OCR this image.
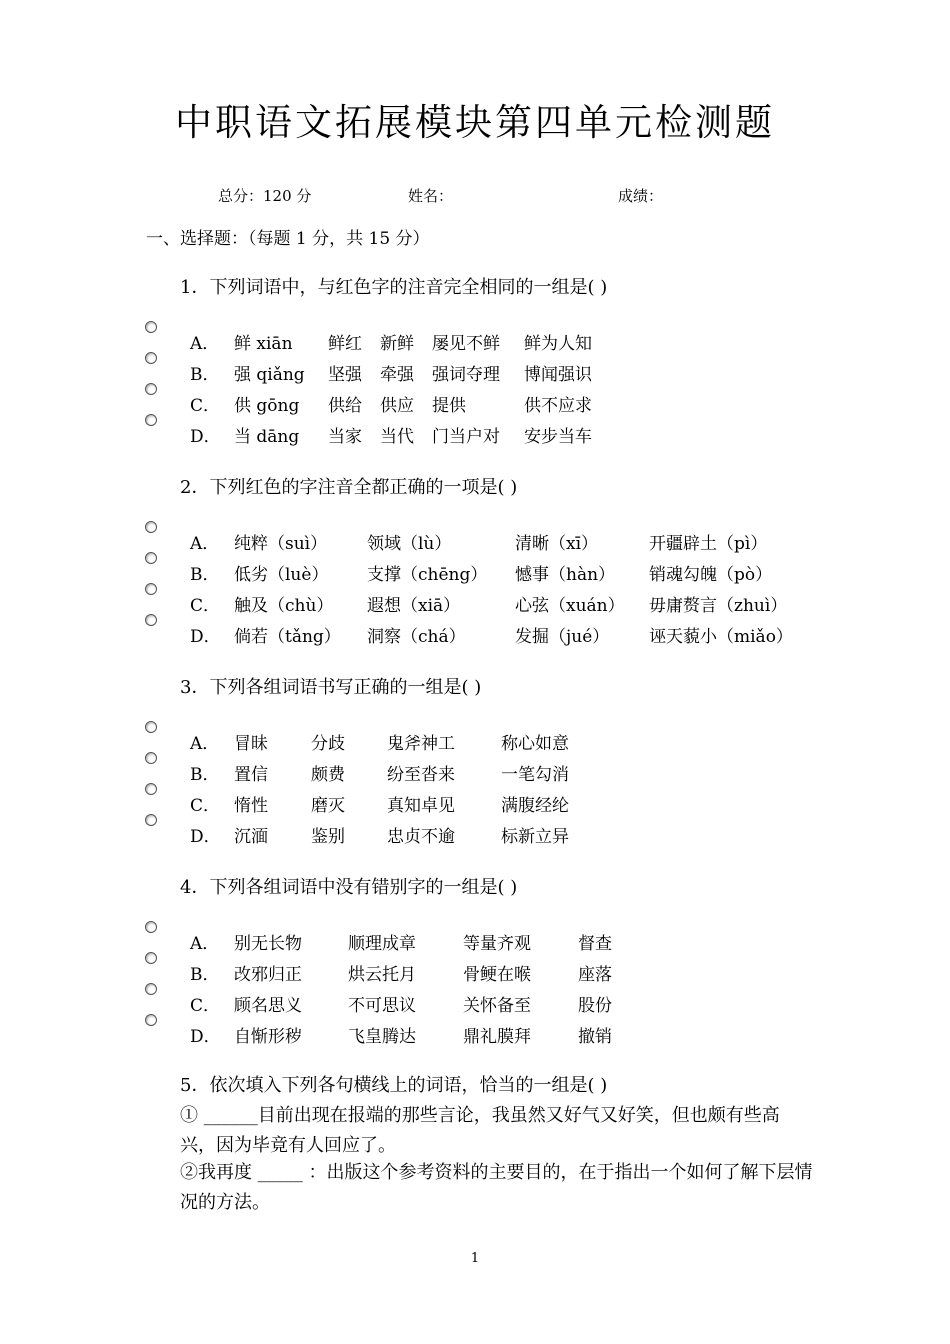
中职语文拓展模块第四单元检测题
总分：120 分	姓名：	成绩：
一、选择题：（每题 1 分，共 15 分）
1．下列词语中，与红色字的注音完全相同的一组是( )
A． 鲜 xiān 鲜红 新鲜 屡见不鲜 鲜为人知
B． 强 qiǎng 坚强 牵强 强词夺理 博闻强识
C． 供 gōng 供给 供应 提供	供不应求
D． 当 dāng 当家 当代 门当户对 安步当车
2．下列红色的字注音全都正确的一项是( )
A． 纯粹（suì） 领域（lù）	清晰（xī）	开疆辟土（pì）
B． 低劣（luè） 支撑（chēng） 憾事（hàn） 销魂勾魄（pò）
C． 触及（chù） 遐想（xiā）	心弦（xuán） 毋庸赘言（zhuì）
D． 倘若（tǎng） 洞察（chá）	发掘（jué） 诬天藐小（miǎo）
3．下列各组词语书写正确的一组是( )
A． 冒昧	分歧 鬼斧神工	称心如意
B． 置信	颇费 纷至沓来	一笔勾消
C． 惰性	磨灭 真知卓见	满腹经纶
D． 沉湎	鉴别 忠贞不逾	标新立异
4．下列各组词语中没有错别字的一组是( )
A． 别无长物	顺理成章	等量齐观	督查
B． 改邪归正	烘云托月	骨鲠在喉	座落
C． 顾名思义	不可思议	关怀备至	股份
D． 自惭形秽	飞皇腾达	鼎礼膜拜	撤销
5．依次填入下列各句横线上的词语，恰当的一组是( )
① ______目前出现在报端的那些言论，我虽然又好气又好笑，但也颇有些高兴，因为毕竟有人回应了。
②我再度 _____ ：出版这个参考资料的主要目的，在于指出一个如何了解下层情况的方法。
1
